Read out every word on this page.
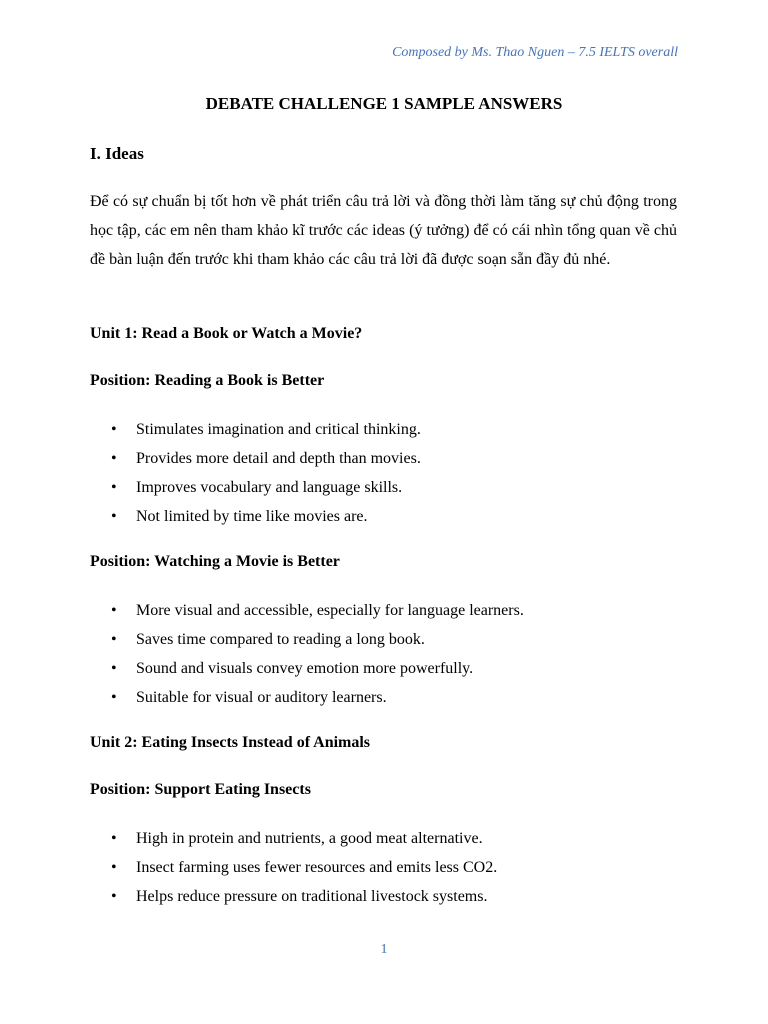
Composed by Ms. Thao Nguen – 7.5 IELTS overall
DEBATE CHALLENGE 1 SAMPLE ANSWERS
I. Ideas
Để có sự chuẩn bị tốt hơn về phát triển câu trả lời và đồng thời làm tăng sự chủ động trong học tập, các em nên tham khảo kĩ trước các ideas (ý tưởng) để có cái nhìn tổng quan về chủ đề bàn luận đến trước khi tham khảo các câu trả lời đã được soạn sẵn đầy đủ nhé.
Unit 1: Read a Book or Watch a Movie?
Position: Reading a Book is Better
• Stimulates imagination and critical thinking.
• Provides more detail and depth than movies.
• Improves vocabulary and language skills.
• Not limited by time like movies are.
Position: Watching a Movie is Better
• More visual and accessible, especially for language learners.
• Saves time compared to reading a long book.
• Sound and visuals convey emotion more powerfully.
• Suitable for visual or auditory learners.
Unit 2: Eating Insects Instead of Animals
Position: Support Eating Insects
• High in protein and nutrients, a good meat alternative.
• Insect farming uses fewer resources and emits less CO2.
• Helps reduce pressure on traditional livestock systems.
1
